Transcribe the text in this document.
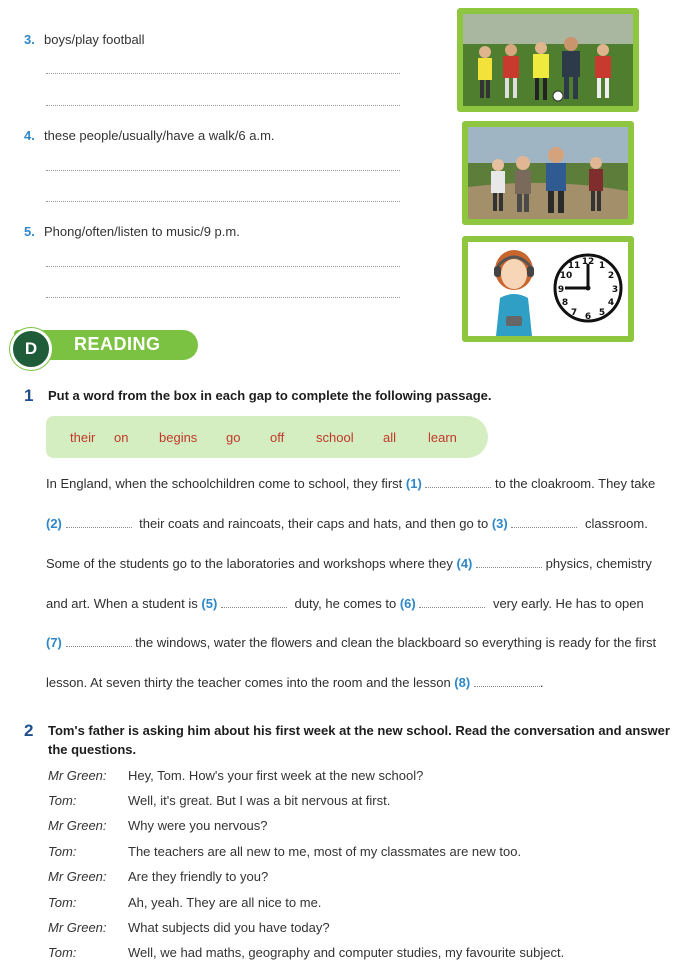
3. boys/play football
4. these people/usually/have a walk/6 a.m.
5. Phong/often/listen to music/9 p.m.
12 1
2
3
4
5
6
7
8
9
10
11
D	READING
1 Put a word from the box in each gap to complete the following passage.
their on begins go off school all learn
In England, when the schoolchildren come to school, they first (1)	to the cloakroom. They take
(2)	their coats and raincoats, their caps and hats, and then go to (3)	classroom.
Some of the students go to the laboratories and workshops where they (4)	physics, chemistry
and art. When a student is (5)	duty, he comes to (6)	very early. He has to open
(7)	the windows, water the flowers and clean the blackboard so everything is ready for the first
lesson. At seven thirty the teacher comes into the room and the lesson (8)	.
2 Tom's father is asking him about his first week at the new school. Read the conversation and answer
the questions.
Mr Green: Hey, Tom. How's your first week at the new school?
Tom:	Well, it's great. But I was a bit nervous at first.
Mr Green: Why were you nervous?
Tom:	The teachers are all new to me, most of my classmates are new too.
Mr Green: Are they friendly to you?
Tom:	Ah, yeah. They are all nice to me.
Mr Green: What subjects did you have today?
Tom:	Well, we had maths, geography and computer studies, my favourite subject.
